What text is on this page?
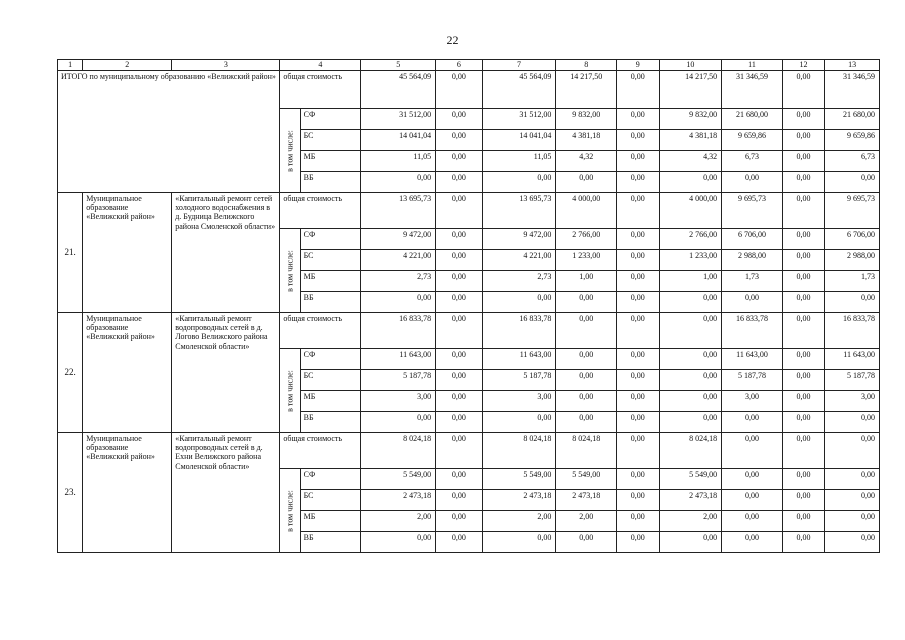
22
1	2	3	4		5	6	7	8	9	10	11	12	13
ИТОГО по муниципальному образованию «Велижский район»			общая стоимость		45 564,09	0,00	45 564,09	14 217,50	0,00	14 217,50	31 346,59	0,00	31 346,59

			в том числе:	СФ	31 512,00	0,00	31 512,00	9 832,00	0,00	9 832,00	21 680,00	0,00	21 680,00
				БС	14 041,04	0,00	14 041,04	4 381,18	0,00	4 381,18	9 659,86	0,00	9 659,86
				МБ	11,05	0,00	11,05	4,32	0,00	4,32	6,73	0,00	6,73
				ВБ	0,00	0,00	0,00	0,00	0,00	0,00	0,00	0,00	0,00
21.	Муниципальное образование «Велижский район»	«Капитальный ремонт сетей холодного водоснабжения в д. Будница Велижского района Смоленской области»	общая стоимость		13 695,73	0,00	13 695,73	4 000,00	0,00	4 000,00	9 695,73	0,00	9 695,73

			в том числе:	СФ	9 472,00	0,00	9 472,00	2 766,00	0,00	2 766,00	6 706,00	0,00	6 706,00
				БС	4 221,00	0,00	4 221,00	1 233,00	0,00	1 233,00	2 988,00	0,00	2 988,00
				МБ	2,73	0,00	2,73	1,00	0,00	1,00	1,73	0,00	1,73
				ВБ	0,00	0,00	0,00	0,00	0,00	0,00	0,00	0,00	0,00
22.	Муниципальное образование «Велижский район»	«Капитальный ремонт водопроводных сетей в д. Логово Велижского района Смоленской области»	общая стоимость		16 833,78	0,00	16 833,78	0,00	0,00	0,00	16 833,78	0,00	16 833,78

			в том числе:	СФ	11 643,00	0,00	11 643,00	0,00	0,00	0,00	11 643,00	0,00	11 643,00
				БС	5 187,78	0,00	5 187,78	0,00	0,00	0,00	5 187,78	0,00	5 187,78
				МБ	3,00	0,00	3,00	0,00	0,00	0,00	3,00	0,00	3,00
				ВБ	0,00	0,00	0,00	0,00	0,00	0,00	0,00	0,00	0,00
23.	Муниципальное образование «Велижский район»	«Капитальный ремонт водопроводных сетей в д. Ехни Велижского района Смоленской области»	общая стоимость		8 024,18	0,00	8 024,18	8 024,18	0,00	8 024,18	0,00	0,00	0,00

			в том числе:	СФ	5 549,00	0,00	5 549,00	5 549,00	0,00	5 549,00	0,00	0,00	0,00
				БС	2 473,18	0,00	2 473,18	2 473,18	0,00	2 473,18	0,00	0,00	0,00
				МБ	2,00	0,00	2,00	2,00	0,00	2,00	0,00	0,00	0,00
				ВБ	0,00	0,00	0,00	0,00	0,00	0,00	0,00	0,00	0,00
